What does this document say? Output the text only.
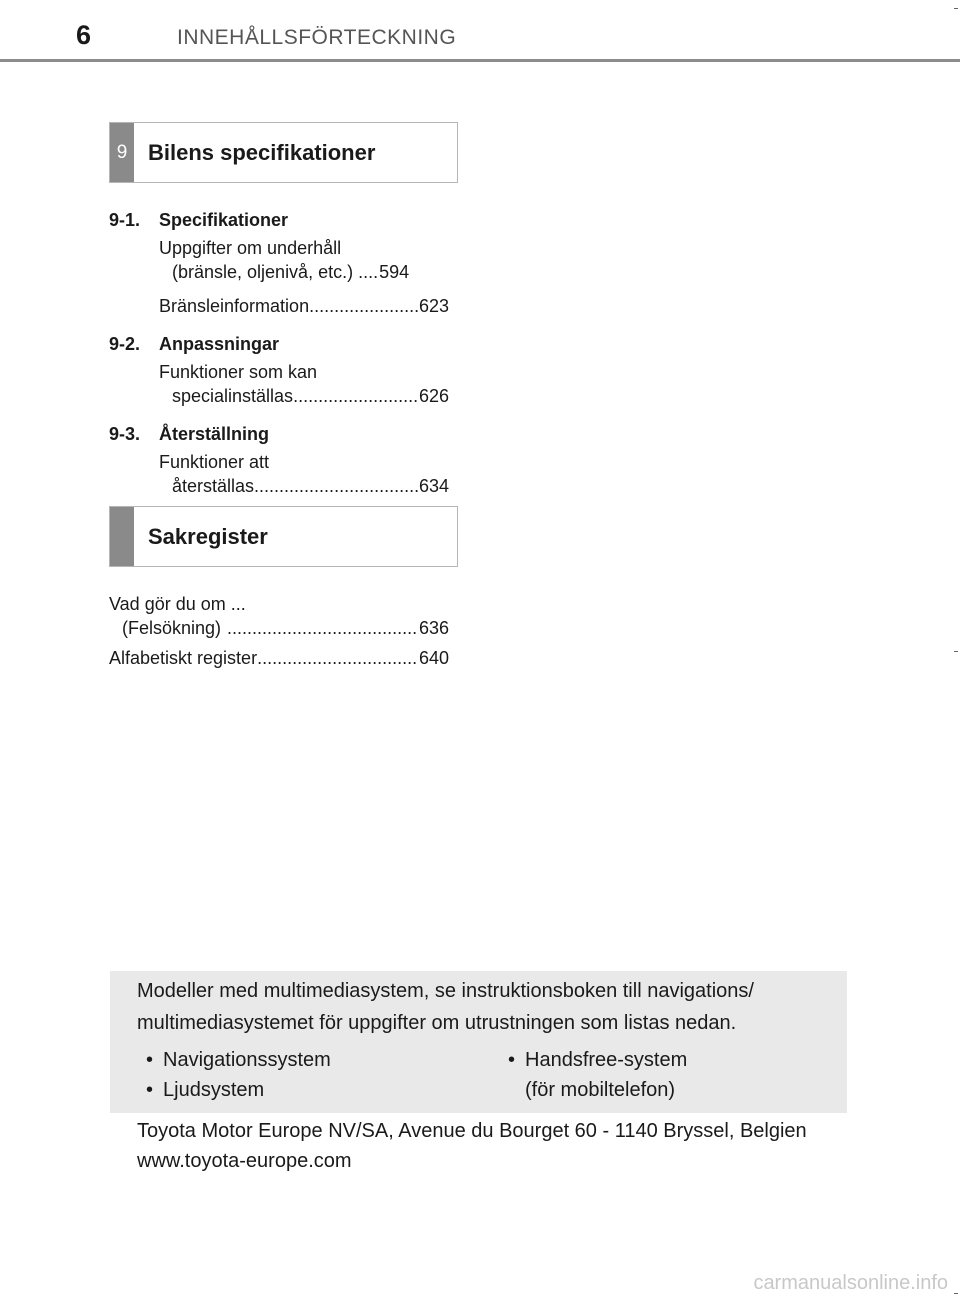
6	INNEHÅLLSFÖRTECKNING
9 Bilens specifikationer
9-1.	Specifikationer
Uppgifter om underhåll
(bränsle, oljenivå, etc.) .... 594
Bränsleinformation .....	623
9-2.	Anpassningar
Funktioner som kan
specialinställas .....	626
9-3.	Återställning
Funktioner att
återställas .....	634
Sakregister
Vad gör du om ...
(Felsökning) .....	636
Alfabetiskt register .....	640
Modeller med multimediasystem, se instruktionsboken till navigations/ multimediasystemet för uppgifter om utrustningen som listas nedan.
• Navigationssystem
• Ljudsystem
• Handsfree-system
(för mobiltelefon)
Toyota Motor Europe NV/SA, Avenue du Bourget 60 - 1140 Bryssel, Belgien www.toyota-europe.com
carmanualsonline.info
